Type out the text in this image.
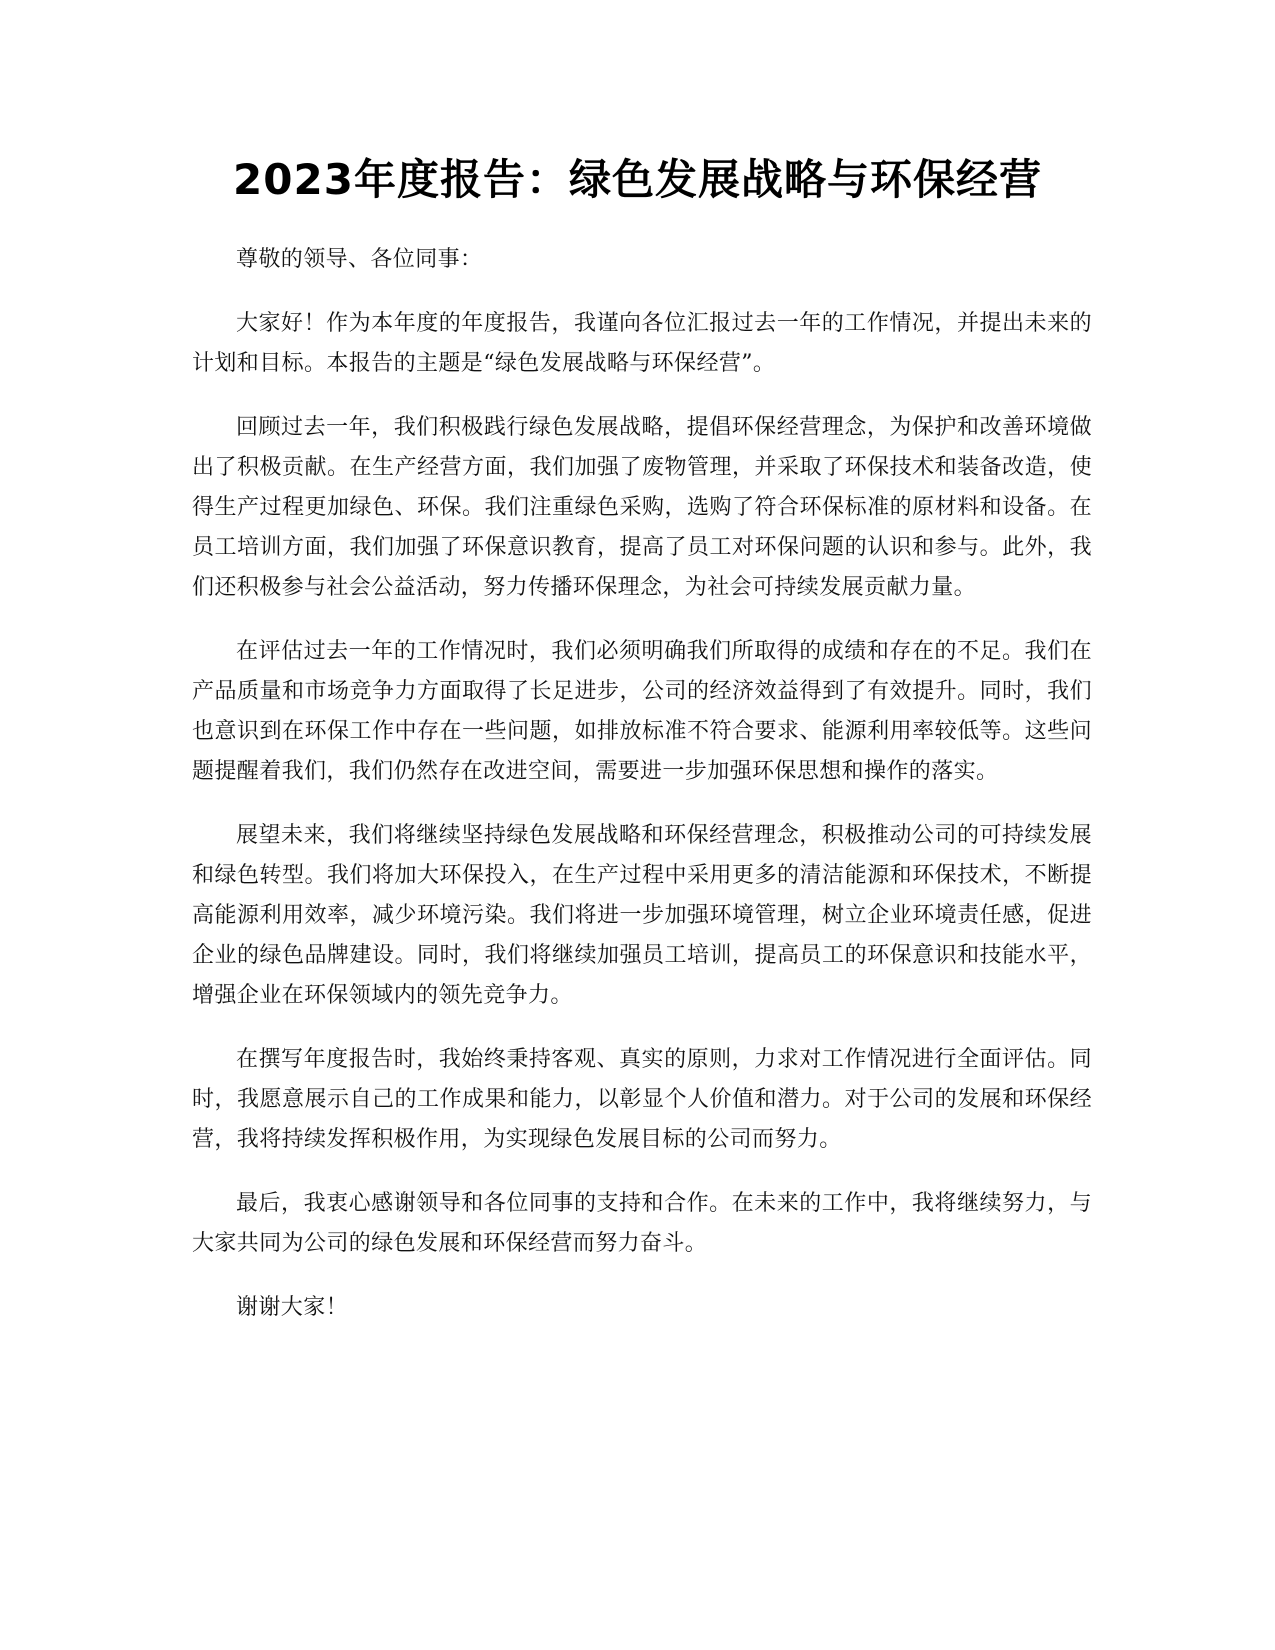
2023年度报告：绿色发展战略与环保经营

尊敬的领导、各位同事：

大家好！作为本年度的年度报告，我谨向各位汇报过去一年的工作情况，并提出未来的计划和目标。本报告的主题是“绿色发展战略与环保经营”。

回顾过去一年，我们积极践行绿色发展战略，提倡环保经营理念，为保护和改善环境做出了积极贡献。在生产经营方面，我们加强了废物管理，并采取了环保技术和装备改造，使得生产过程更加绿色、环保。我们注重绿色采购，选购了符合环保标准的原材料和设备。在员工培训方面，我们加强了环保意识教育，提高了员工对环保问题的认识和参与。此外，我们还积极参与社会公益活动，努力传播环保理念，为社会可持续发展贡献力量。

在评估过去一年的工作情况时，我们必须明确我们所取得的成绩和存在的不足。我们在产品质量和市场竞争力方面取得了长足进步，公司的经济效益得到了有效提升。同时，我们也意识到在环保工作中存在一些问题，如排放标准不符合要求、能源利用率较低等。这些问题提醒着我们，我们仍然存在改进空间，需要进一步加强环保思想和操作的落实。

展望未来，我们将继续坚持绿色发展战略和环保经营理念，积极推动公司的可持续发展和绿色转型。我们将加大环保投入，在生产过程中采用更多的清洁能源和环保技术，不断提高能源利用效率，减少环境污染。我们将进一步加强环境管理，树立企业环境责任感，促进企业的绿色品牌建设。同时，我们将继续加强员工培训，提高员工的环保意识和技能水平，增强企业在环保领域内的领先竞争力。

在撰写年度报告时，我始终秉持客观、真实的原则，力求对工作情况进行全面评估。同时，我愿意展示自己的工作成果和能力，以彰显个人价值和潜力。对于公司的发展和环保经营，我将持续发挥积极作用，为实现绿色发展目标的公司而努力。

最后，我衷心感谢领导和各位同事的支持和合作。在未来的工作中，我将继续努力，与大家共同为公司的绿色发展和环保经营而努力奋斗。

谢谢大家！
